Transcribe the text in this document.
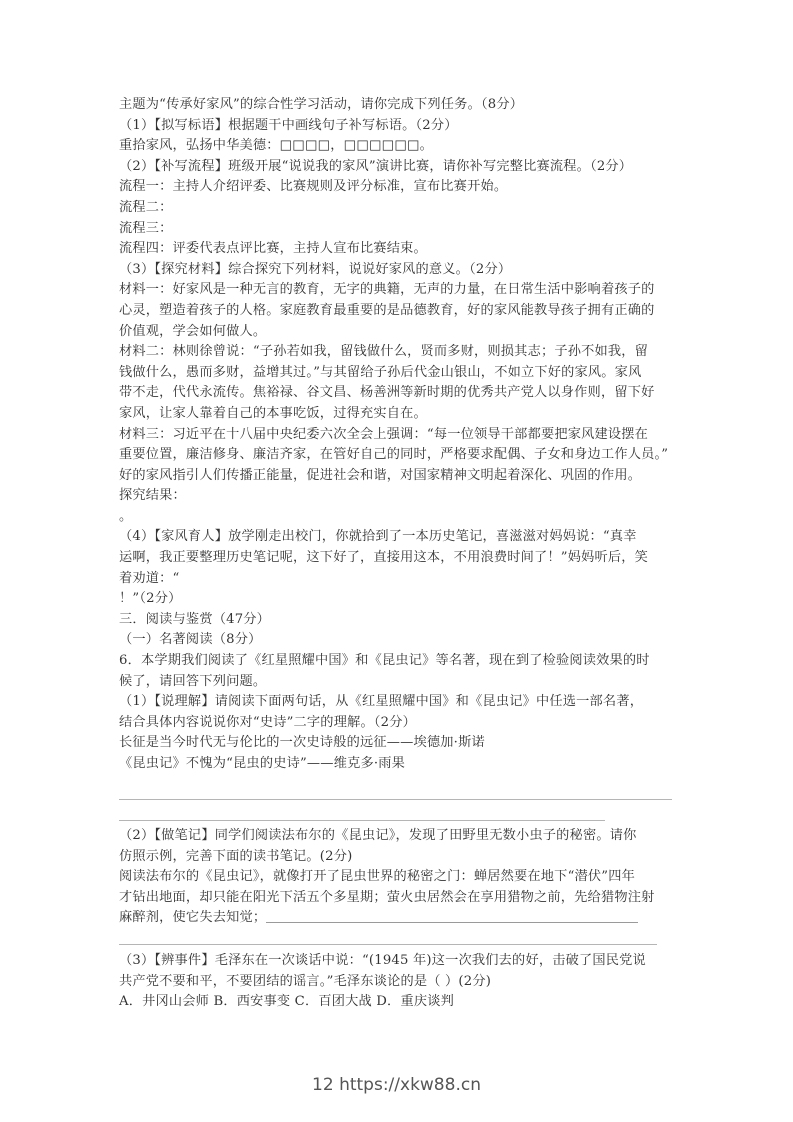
主题为“传承好家风”的综合性学习活动，请你完成下列任务。（8分）
（1）【拟写标语】根据题干中画线句子补写标语。（2分）
重拾家风，弘扬中华美德：□□□□，□□□□□□。
（2）【补写流程】班级开展“说说我的家风”演讲比赛，请你补写完整比赛流程。（2分）
流程一：主持人介绍评委、比赛规则及评分标准，宣布比赛开始。
流程二：
流程三：
流程四：评委代表点评比赛，主持人宣布比赛结束。
（3）【探究材料】综合探究下列材料，说说好家风的意义。（2分）
材料一：好家风是一种无言的教育，无字的典籍，无声的力量，在日常生活中影响着孩子的
心灵，塑造着孩子的人格。家庭教育最重要的是品德教育，好的家风能教导孩子拥有正确的
价值观，学会如何做人。
材料二：林则徐曾说：“子孙若如我，留钱做什么，贤而多财，则损其志；子孙不如我，留
钱做什么，愚而多财，益增其过。”与其留给子孙后代金山银山，不如立下好的家风。家风
带不走，代代永流传。焦裕禄、谷文昌、杨善洲等新时期的优秀共产党人以身作则，留下好
家风，让家人靠着自己的本事吃饭，过得充实自在。
材料三：习近平在十八届中央纪委六次全会上强调：“每一位领导干部都要把家风建设摆在
重要位置，廉洁修身、廉洁齐家，在管好自己的同时，严格要求配偶、子女和身边工作人员。”
好的家风指引人们传播正能量，促进社会和谐，对国家精神文明起着深化、巩固的作用。
探究结果：
。
（4）【家风育人】放学刚走出校门，你就拾到了一本历史笔记，喜滋滋对妈妈说：“真幸
运啊，我正要整理历史笔记呢，这下好了，直接用这本，不用浪费时间了！”妈妈听后，笑
着劝道：“
！”（2分）
三．阅读与鉴赏（47分）
（一）名著阅读（8分）
6．本学期我们阅读了《红星照耀中国》和《昆虫记》等名著，现在到了检验阅读效果的时
候了，请回答下列问题。
（1）【说理解】请阅读下面两句话，从《红星照耀中国》和《昆虫记》中任选一部名著，
结合具体内容说说你对“史诗”二字的理解。（2分）
长征是当今时代无与伦比的一次史诗般的远征——埃德加·斯诺
《昆虫记》不愧为“昆虫的史诗”——维克多·雨果
（2）【做笔记】同学们阅读法布尔的《昆虫记》，发现了田野里无数小虫子的秘密。请你
仿照示例，完善下面的读书笔记。(2分)
阅读法布尔的《昆虫记》，就像打开了昆虫世界的秘密之门：蝉居然要在地下“潜伏”四年
才钻出地面，却只能在阳光下活五个多星期；萤火虫居然会在享用猎物之前，先给猎物注射
麻醉剂，使它失去知觉；
（3）【辨事件】毛泽东在一次谈话中说：“(1945 年)这一次我们去的好，击破了国民党说
共产党不要和平，不要团结的谣言。”毛泽东谈论的是（ ）(2分)
A．井冈山会师 B．西安事变 C．百团大战 D．重庆谈判
12 https://xkw88.cn
